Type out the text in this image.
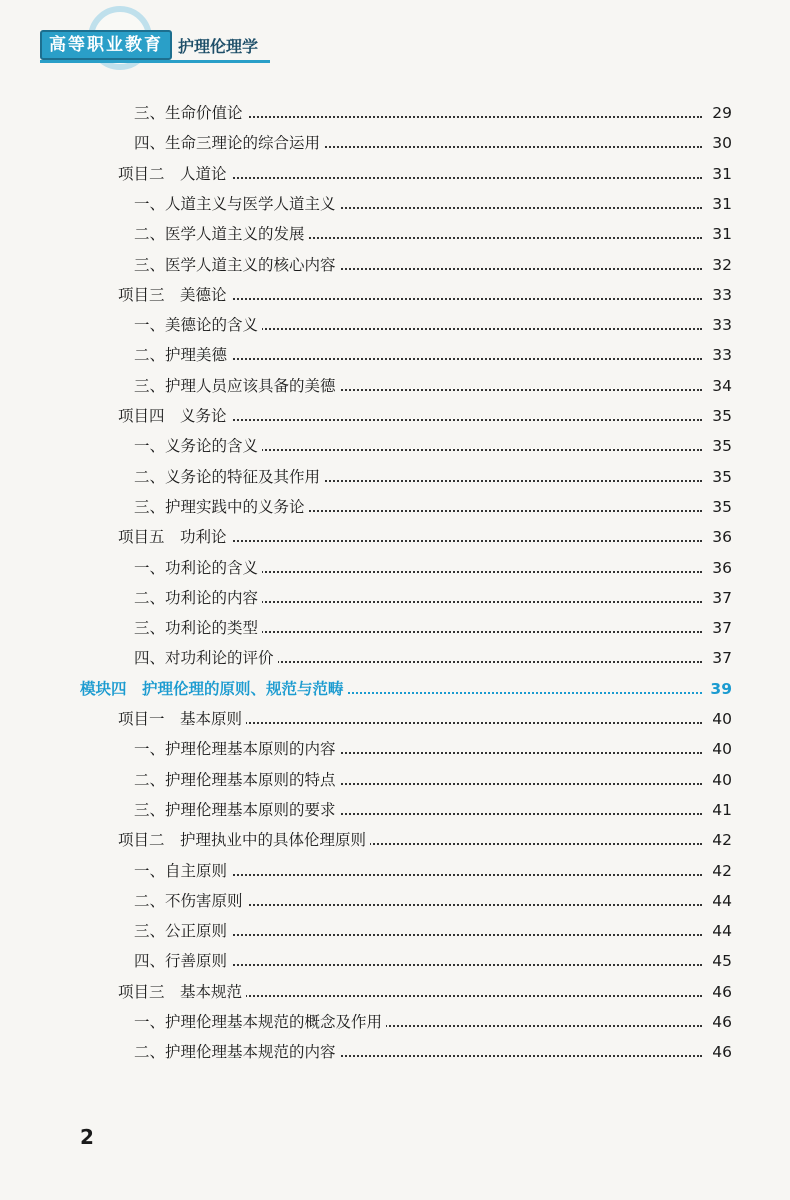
高等职业教育 护理伦理学
三、生命价值论	29
四、生命三理论的综合运用	30
项目二　人道论	31
一、人道主义与医学人道主义	31
二、医学人道主义的发展	31
三、医学人道主义的核心内容	32
项目三　美德论	33
一、美德论的含义	33
二、护理美德	33
三、护理人员应该具备的美德	34
项目四　义务论	35
一、义务论的含义	35
二、义务论的特征及其作用	35
三、护理实践中的义务论	35
项目五　功利论	36
一、功利论的含义	36
二、功利论的内容	37
三、功利论的类型	37
四、对功利论的评价	37
模块四　护理伦理的原则、规范与范畴	39
项目一　基本原则	40
一、护理伦理基本原则的内容	40
二、护理伦理基本原则的特点	40
三、护理伦理基本原则的要求	41
项目二　护理执业中的具体伦理原则	42
一、自主原则	42
二、不伤害原则	44
三、公正原则	44
四、行善原则	45
项目三　基本规范	46
一、护理伦理基本规范的概念及作用	46
二、护理伦理基本规范的内容	46
2
